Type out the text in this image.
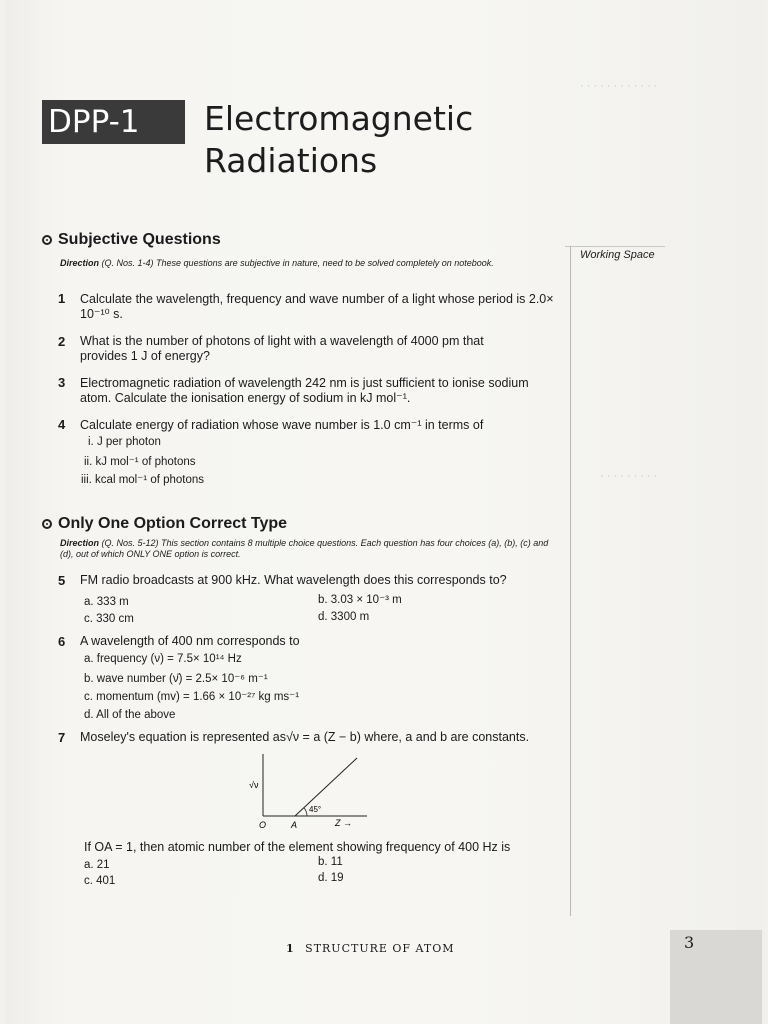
· · · · · · · · · · · ·
· · · · · · · · ·
DPP-1	Electromagnetic
Radiations
Working Space
Subjective Questions
Direction (Q. Nos. 1-4) These questions are subjective in nature, need to be solved completely on notebook.
1 Calculate the wavelength, frequency and wave number of a light whose period is 2.0× 10⁻¹⁰ s.
2 What is the number of photons of light with a wavelength of 4000 pm that provides 1 J of energy?
3 Electromagnetic radiation of wavelength 242 nm is just sufficient to ionise sodium atom. Calculate the ionisation energy of sodium in kJ mol⁻¹.
4 Calculate energy of radiation whose wave number is 1.0 cm⁻¹ in terms of
i. J per photon
ii. kJ mol⁻¹ of photons
iii. kcal mol⁻¹ of photons
Only One Option Correct Type
Direction (Q. Nos. 5-12) This section contains 8 multiple choice questions. Each question has four choices (a), (b), (c) and (d), out of which ONLY ONE option is correct.
5 FM radio broadcasts at 900 kHz. What wavelength does this corresponds to?
a. 333 m	b. 3.03 × 10⁻³ m
c. 330 cm	d. 3300 m
6 A wavelength of 400 nm corresponds to
a. frequency (ν) = 7.5× 10¹⁴ Hz
b. wave number (ν̄) = 2.5× 10⁻⁶ m⁻¹
c. momentum (mv) = 1.66 × 10⁻²⁷ kg ms⁻¹
d. All of the above
7 Moseley's equation is represented as√ν = a (Z − b) where, a and b are constants.
45°
√ν
O	A	Z →
If OA = 1, then atomic number of the element showing frequency of 400 Hz is
a. 21	b. 11
c. 401	d. 19
1 STRUCTURE OF ATOM	3
